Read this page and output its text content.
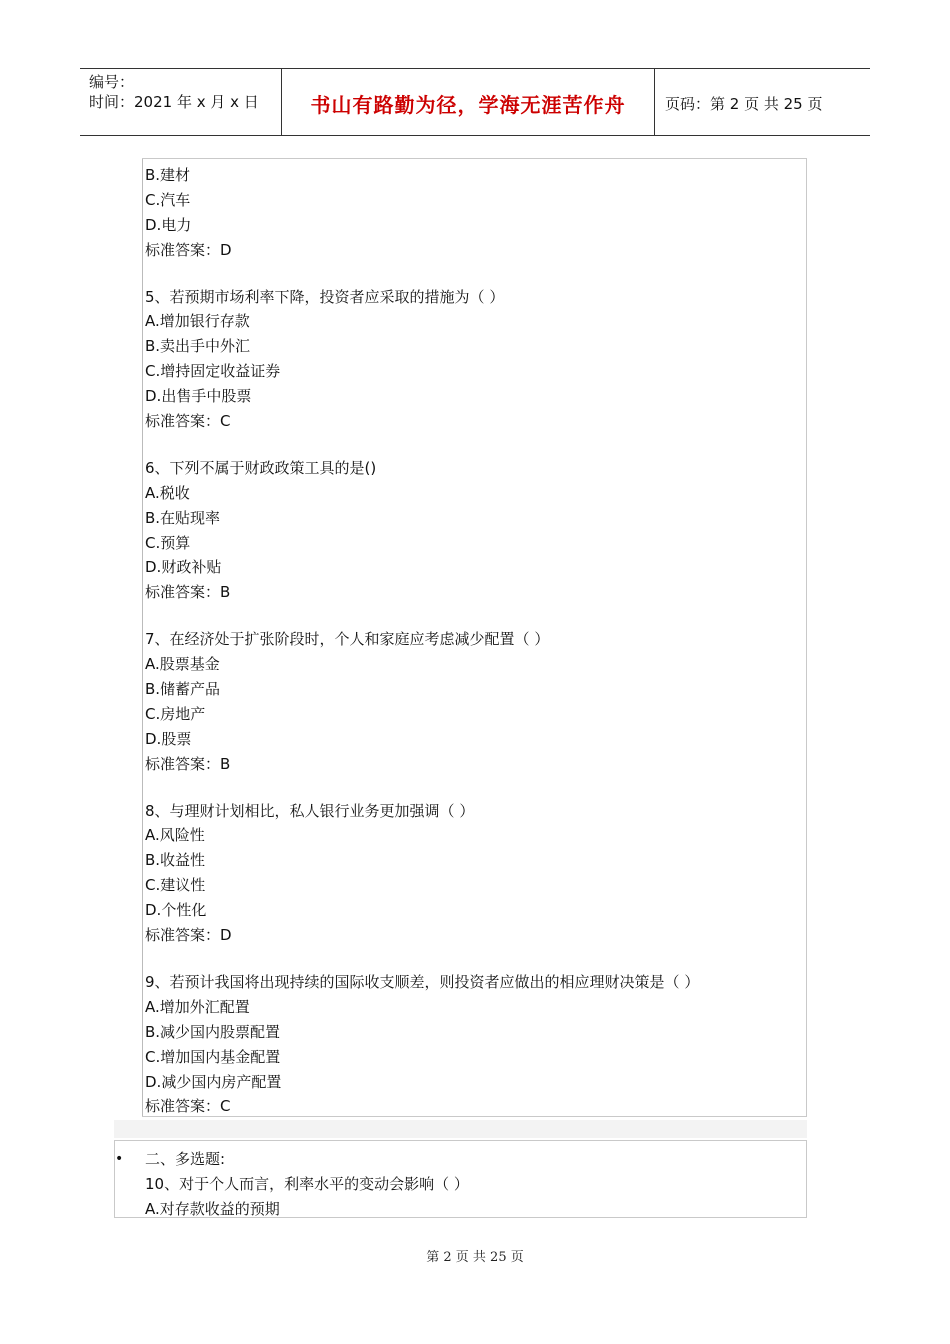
编号：
时间：2021 年 x 月 x 日	书山有路勤为径，学海无涯苦作舟	页码：第 2 页 共 25 页
B.建材
C.汽车
D.电力
标准答案：D
5、若预期市场利率下降，投资者应采取的措施为（ ）
A.增加银行存款
B.卖出手中外汇
C.增持固定收益证券
D.出售手中股票
标准答案：C
6、下列不属于财政政策工具的是()
A.税收
B.在贴现率
C.预算
D.财政补贴
标准答案：B
7、在经济处于扩张阶段时，个人和家庭应考虑减少配置（ ）
A.股票基金
B.储蓄产品
C.房地产
D.股票
标准答案：B
8、与理财计划相比，私人银行业务更加强调（ ）
A.风险性
B.收益性
C.建议性
D.个性化
标准答案：D
9、若预计我国将出现持续的国际收支顺差，则投资者应做出的相应理财决策是（ ）
A.增加外汇配置
B.减少国内股票配置
C.增加国内基金配置
D.减少国内房产配置
标准答案：C
• 二、多选题:
10、对于个人而言，利率水平的变动会影响（ ）
A.对存款收益的预期
第 2 页 共 25 页
